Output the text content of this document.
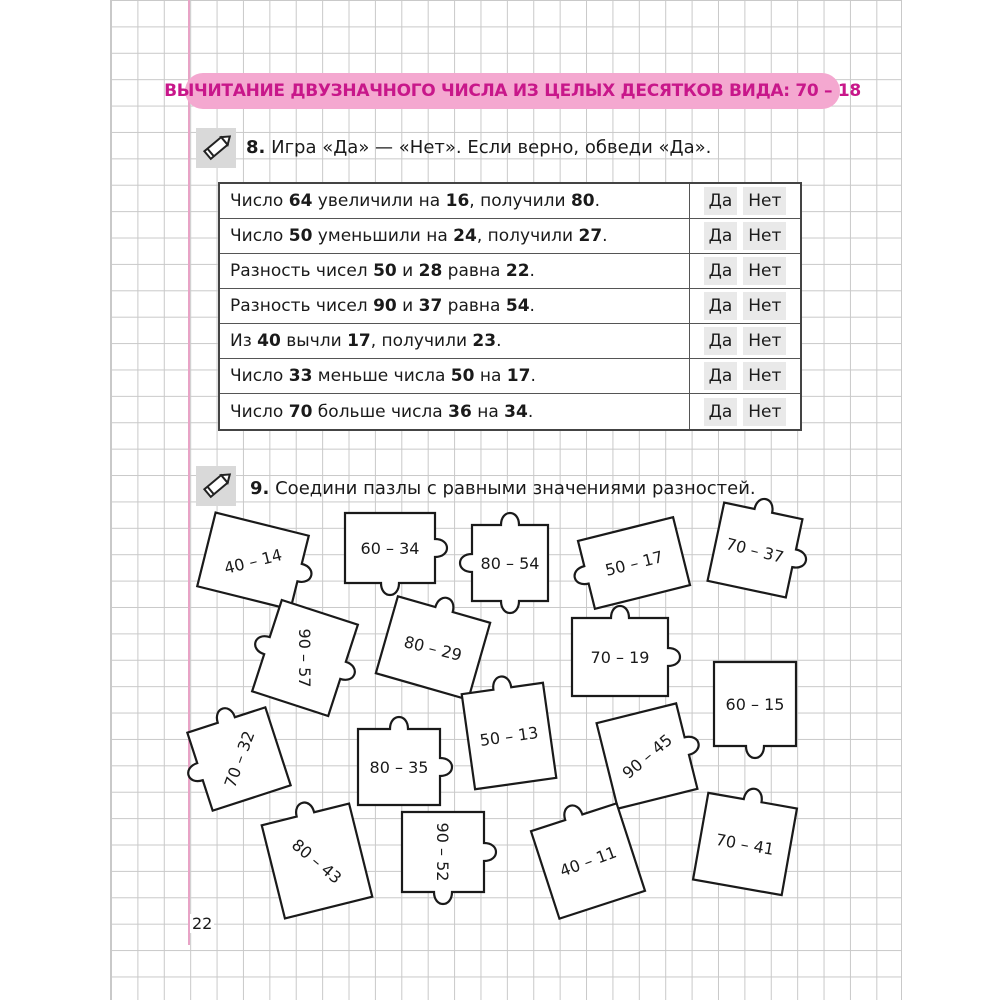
ВЫЧИТАНИЕ ДВУЗНАЧНОГО ЧИСЛА ИЗ ЦЕЛЫХ ДЕСЯТКОВ ВИДА: 70 – 18
8. Игра «Да» — «Нет». Если верно, обведи «Да».
Число 64 увеличили на 16, получили 80.	Да Нет
Число 50 уменьшили на 24, получили 27.	Да Нет
Разность чисел 50 и 28 равна 22.	Да Нет
Разность чисел 90 и 37 равна 54.	Да Нет
Из 40 вычли 17, получили 23.	Да Нет
Число 33 меньше числа 50 на 17.	Да Нет
Число 70 больше числа 36 на 34.	Да Нет
9. Соедини пазлы с равными значениями разностей.
40 – 14	60 – 34
80 – 54	50 – 17	70 – 37
90 – 57	80 – 29	70 – 19
60 – 15
50 – 13
70 – 32	80 – 35	90 – 45
80 – 43	90 – 52	40 – 11	70 – 41
22
